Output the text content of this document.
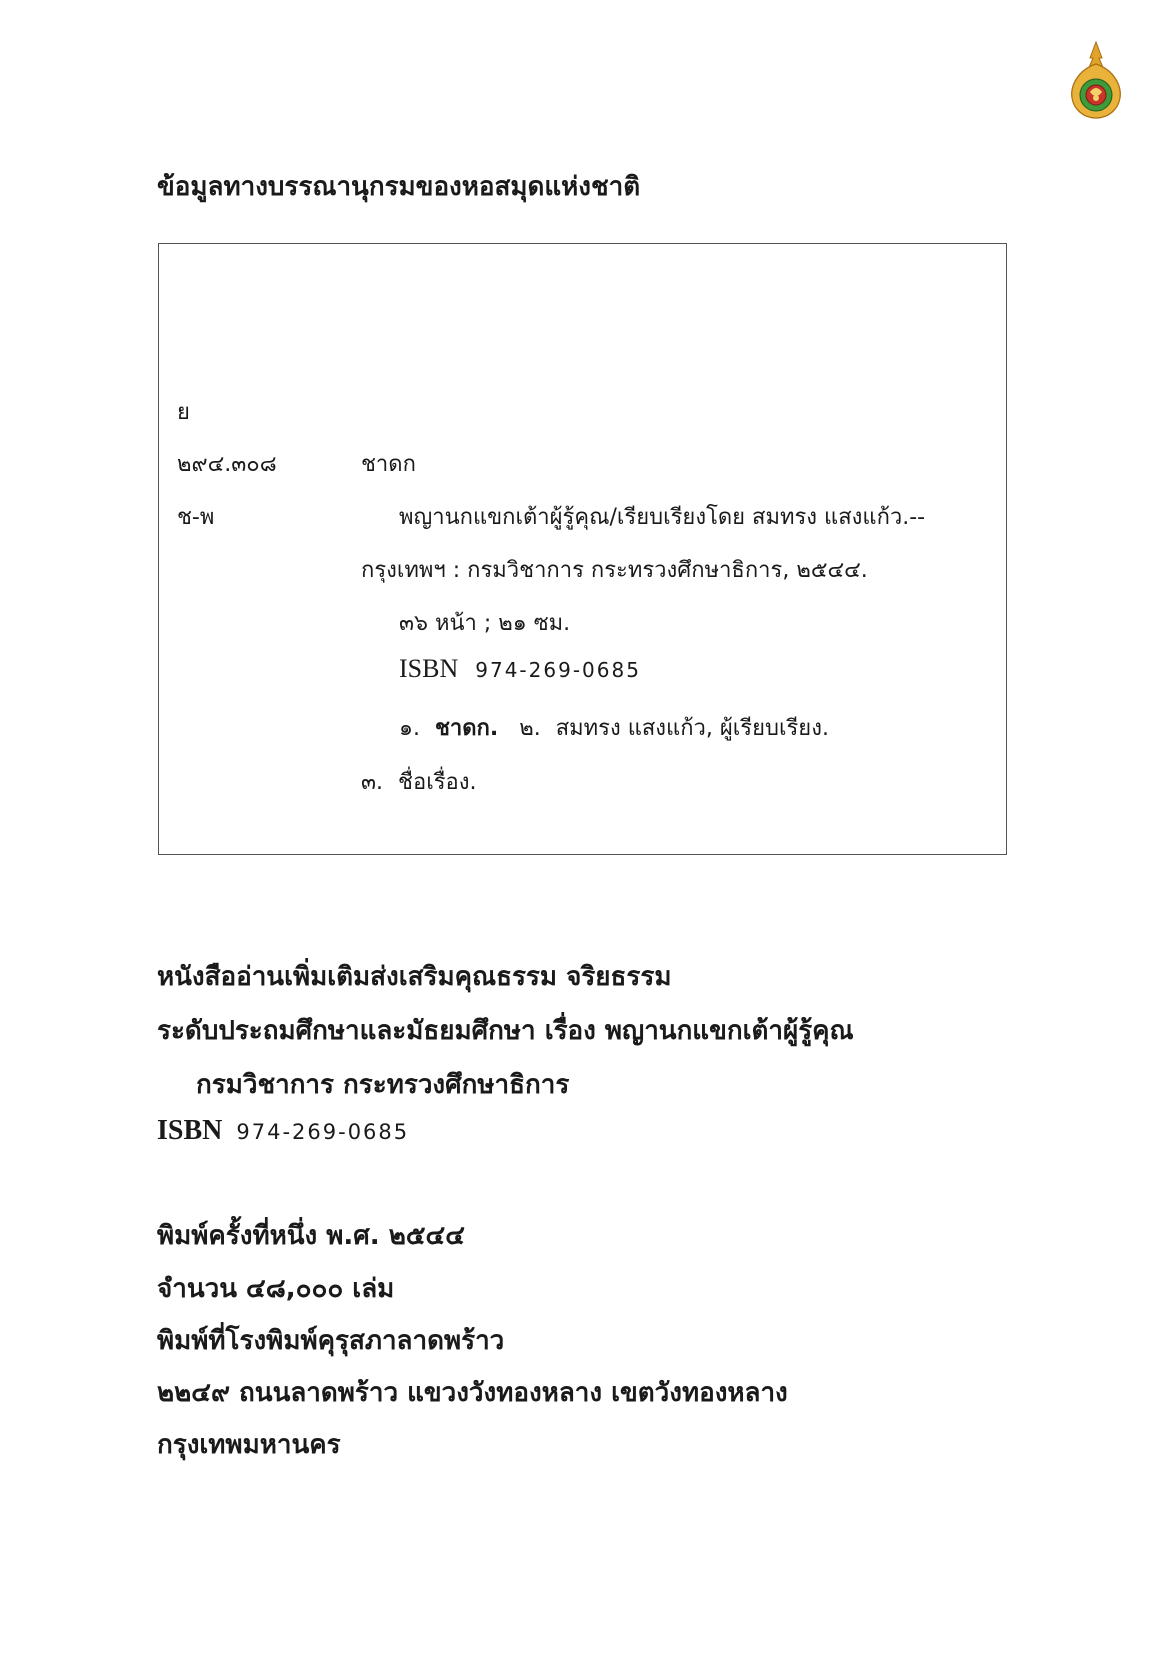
ข้อมูลทางบรรณานุกรมของหอสมุดแห่งชาติ
ย
๒๙๔.๓๐๘	ชาดก
ช-พ	พญานกแขกเต้าผู้รู้คุณ/เรียบเรียงโดย สมทรง แสงแก้ว.--
กรุงเทพฯ : กรมวิชาการ กระทรวงศึกษาธิการ, ๒๕๔๔.
๓๖ หน้า ; ๒๑ ซม.
ISBN 974-269-0685
๑. ชาดก. ๒. สมทรง แสงแก้ว, ผู้เรียบเรียง.
๓. ชื่อเรื่อง.
หนังสืออ่านเพิ่มเติมส่งเสริมคุณธรรม จริยธรรม
ระดับประถมศึกษาและมัธยมศึกษา เรื่อง พญานกแขกเต้าผู้รู้คุณ
กรมวิชาการ กระทรวงศึกษาธิการ
ISBN 974-269-0685
พิมพ์ครั้งที่หนึ่ง พ.ศ. ๒๕๔๔
จำนวน ๔๘,๐๐๐ เล่ม
พิมพ์ที่โรงพิมพ์คุรุสภาลาดพร้าว
๒๒๔๙ ถนนลาดพร้าว แขวงวังทองหลาง เขตวังทองหลาง
กรุงเทพมหานคร
